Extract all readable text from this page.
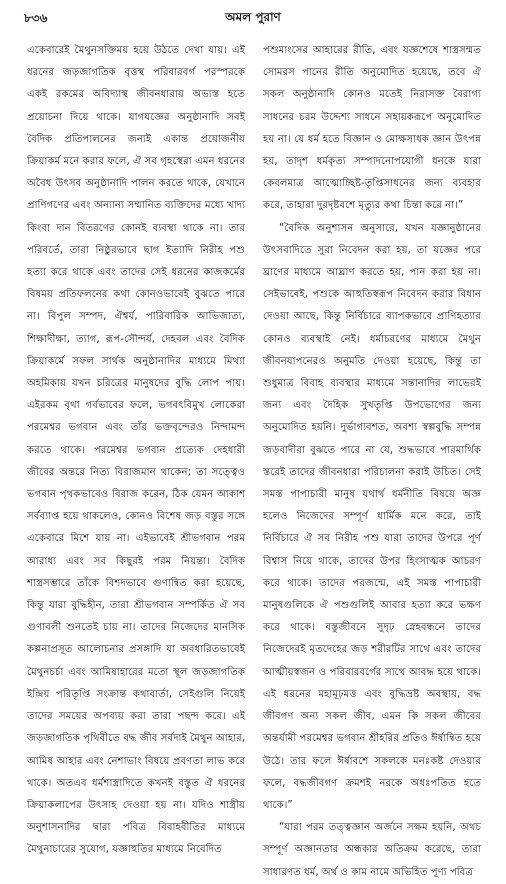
৮৩৬	অমল পুরাণ

একেবারেই মৈথুনসক্তিময় হয়ে উঠতে দেখা যায়। এই ধরনের জড়জাগতিক বৃত্তস্থ পরিবারবর্গ পরস্পরকে একই রকমের অবিদ্যাস্থ জীবনধারায় অভ্যস্ত হতে প্রয়োচনা দিয়ে থাকে। যাগযজ্ঞের অনুষ্ঠানাদি সবই বৈদিক প্রতিপালনের জন্যই একান্ত প্রয়োজনীয় ক্রিয়াকর্ম মনে করার ফলে, ঐ সব গৃহস্থেরা এমন ধরনের অবৈধ উৎসব অনুষ্ঠানাদি পালন করতে থাকে, যেখানে প্রাণিগণের এবং অন্যান্য সম্মানিত ব্যক্তিদের মধ্যে খাদ্য কিংবা দান বিতরণের কোনই ব্যবস্থা থাকে না। তার পরিবর্তে, তারা নিষ্ঠুরভাবে ছাগ ইত্যাদি নিরীহ পশু হত্যা করে থাকে এবং তাদের সেই ধরনের কাজকর্মের বিষময় প্রতিফলনের কথা কোনওভাবেই বুঝতে পারে না। বিপুল সম্পদ, ঐশ্বর্য, পারিবারিক আভিজাত্য, শিক্ষাদীক্ষা, ত্যাগ, রূপ-সৌন্দর্য, দেহবল এবং বৈদিক ক্রিয়াকর্মে সফল সার্থক অনুষ্ঠানাদির মাধ্যমে মিথ্যা অহমিকায় যখন চরিত্রের মানুষদের বুদ্ধি লোপ পায়। এইরকম বৃথা গর্বভাবের ফলে, ভগবৎবিমুখ লোকেরা পরমেশ্বর ভগবান এবং তাঁর ভক্তবৃন্দেরও নিন্দামন্দ করতে থাকে। পরমেশ্বর ভগবান প্রত্যেক দেহধারী জীবের অন্তরে নিত্য বিরাজমান থাকেন; তা সত্ত্বেও ভগবান পৃথকভাবেও বিরাজ করেন, ঠিক যেমন আকাশ সর্বব্যাপ্ত হয়ে থাকলেও, কোনও বিশেষ জড় বস্তুর সঙ্গে একেবারে মিশে যায় না। এইভাবেই শ্রীভগবান পরম আরাধ্য এবং সব কিছুরই পরম নিয়ন্তা। বৈদিক শাস্ত্রসম্ভারে তাঁকে বিশদভাবে গুণান্বিত করা হয়েছে, কিন্তু যারা বুদ্ধিহীন, তারা শ্রীভগবান সম্পর্কিত ঐ সব গুণাবলী শুনতেই চায় না। তাদের নিজেদের মানসিক কল্পনাপ্রসূত আলোচনার প্রসঙ্গাদি যা অবধারিতভাবেই মৈথুনচর্চা এবং আমিষাহারের মতো স্থূল জড়জাগতিক ইন্দ্রিয় পরিতৃপ্তি সংক্রান্ত কথাবার্তা, সেইগুলি নিয়েই তাদের সময়ের অপব্যয় করা তারা পছন্দ করে। এই জড়জাগতিক পৃথিবীতে বদ্ধ জীব সর্বদাই মৈথুন আহার, আমিষ আহার এবং নেশাভাং বিষয়ে প্রবণতা লাভ করে থাকে। অতএব ধর্মশাস্ত্রাদিতে কখনই বস্তুত ঐ ধরনের ক্রিয়াকলাপের উৎসাহ দেওয়া হয় না। যদিও শাস্ত্রীয় অনুশাসনাদির দ্বারা পবিত্র বিবাহবীতির মাধ্যমে মৈথুনাচারের সুযোগ, যজ্ঞাহুতির মাধ্যমে নিবেদিত

পশুমাংসের আহারের রীতি, এবং যজ্ঞশেষে শাস্ত্রসম্মত সোমরস পানের রীতি অনুমোদিত হয়েছে, তবে ঐ সকল অনুষ্ঠানাদি কোনও মতেই নিরাসক্ত বৈরাগ্য সাধনের চরম উদ্দেশ্য সাধনে সহায়করূপে অনুমোদিত হয় না। যে ধর্ম হতে বিজ্ঞান ও মোক্ষসাধক জ্ঞান উৎপন্ন হয়, তাদৃশ ধর্মকৃত্য সম্পাদনোপযোগী ধনকে যারা কেবলমাত্র আত্মোচ্ছিষ্ট-তৃপ্তিসাধনের জন্য ব্যবহার করে, তাহারা দুরদৃষ্টবশে মৃত্যুর কথা চিন্তা করে না।”

“বৈদিক অনুশাসন অনুসারে, যখন যজ্ঞানুষ্ঠানের উৎসবাদিতে সুরা নিবেদন করা হয়, তা যজ্ঞের পরে ঘ্রাণের মাধ্যমে আঘ্রাণ করতে হয়, পান করা হয় না। সেইভাবেই, পশুকে আহুতিস্বরূপ নিবেদন করার বিধান দেওয়া আছে, কিন্তু নির্বিচারে ব্যাপকভাবে প্রাণিহত্যার কোনও ব্যবস্থাই নেই। ধর্মাচরণের মাধ্যমে মৈথুন জীবনযাপনেরও অনুমতি দেওয়া হয়েছে, কিন্তু তা শুধুমাত্র বিবাহ ব্যবস্থার মাধ্যমে সন্তানাদির লাভেরই জন্য এবং দৈহিক সুখতৃপ্তি উপভোগের জন্য অনুমোদিত হয়নি। দুর্ভাগ্যবশত, অবশ্য স্বল্পবুদ্ধি সম্পন্ন জড়বাদীরা বুঝতে পারে না যে, শুদ্ধভাবে পারমার্থিক স্তরেই তাদের জীবনধারা পরিচালনা করাই উচিত। সেই সমস্ত পাপাচারী মানুষ যথার্থ ধর্মনীতি বিষয়ে অজ্ঞ হলেও নিজেদের সম্পূর্ণ ধার্মিক মনে করে, তাই নির্বিচারে ঐ সব নিরীহ পশু যারা তাদের উপরে পূর্ণ বিশ্বাস নিয়ে থাকে, তাদের উপর হিংসাত্মক আচরণ করে থাকে। তাদের পরজন্মে, এই সমস্ত পাপাচারী মানুষগুলিকে ঐ পশুগুলিই আবার হত্যা করে ভক্ষণ করে থাকে। বস্তুজীবনে সুদৃঢ় স্নেহবন্ধনে তাদের নিজেদেরই মৃতদেহের জড় শরীরটির সাথে এবং তাদের আত্মীয়স্বজন ও পরিবারবর্গের সাথে আবদ্ধ হয়ে থাকে। এই ধরনের মহামূঢ়মত্ত এবং বুদ্ধিভ্রষ্ট অবস্থায়, বদ্ধ জীবগণ অন্য সকল জীব, এমন কি সকল জীবের অন্তর্যামী পরমেশ্বর ভগবান শ্রীহরির প্রতিও ঈর্ষান্বিত হয়ে উঠে। তার ফলে ঈর্ষাবশে সকলকে মনঃকষ্ট দেওয়ার ফলে, বদ্ধজীবগণ ক্রমশই নরকে অধঃপতিত হতে থাকে।”

“যারা পরম তত্ত্বজ্ঞান অর্জনে সক্ষম হয়নি, অথচ সম্পূর্ণ অজ্ঞানতার অন্ধকার অতিক্রম করেছে, তারা সাধারণত ধর্ম, অর্থ ও কাম নামে অভিহিত পূণ্য পবিত্র
